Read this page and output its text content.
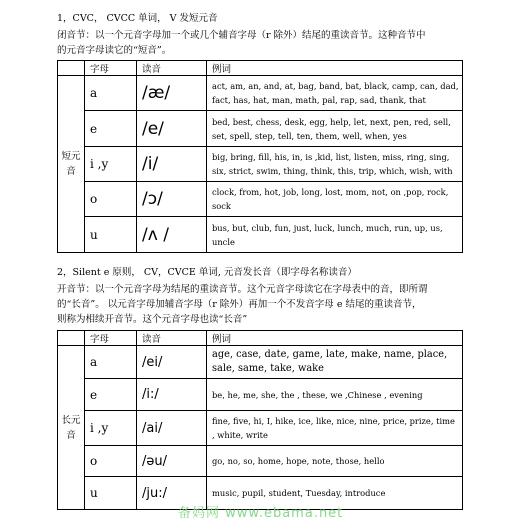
1，CVC， CVCC 单词， V 发短元音
闭音节：以一个元音字母加一个或几个辅音字母（r 除外）结尾的重读音节。这种音节中
的元音字母读它的“短音”。
	字母	读音	例词

短元音	a	/æ/	act, am, an, and, at, bag, band, bat, black, camp, can, dad, fact, has, hat, man, math, pal, rap, sad, thank, that
	e	/e/	bed, best, chess, desk, egg, help, let, next, pen, red, sell, set, spell, step, tell, ten, them, well, when, yes
	i ,y	/i/	big, bring, fill, his, in, is ,kid, list, listen, miss, ring, sing, six, strict, swim, thing, think, this, trip, which, wish, with
	o	/ɔ/	clock, from, hot, job, long, lost, mom, not, on ,pop, rock, sock
	u	/ʌ /	bus, but, club, fun, just, luck, lunch, much, run, up, us, uncle
2，Silent e 原则， CV，CVCE 单词, 元音发长音（即字母名称读音）
开音节：以一个元音字母为结尾的重读音节。这个元音字母读它在字母表中的音，即所谓
的“长音”。 以元音字母加辅音字母（r 除外）再加一个不发音字母 e 结尾的重读音节，
则称为相续开音节。这个元音字母也读“长音”
	字母	读音	例词

长元音	a	/ei/	age, case, date, game, late, make, name, place, sale, same, take, wake
	e	/i:/	be, he, me, she, the , these, we ,Chinese , evening
	i ,y	/ai/	fine, five, hi, I, hike, ice, like, nice, nine, price, prize, time , white, write
	o	/əu/	go, no, so, home, hope, note, those, hello
	u	/ju:/	music, pupil, student, Tuesday, introduce
备妈网 www.ebama.net
